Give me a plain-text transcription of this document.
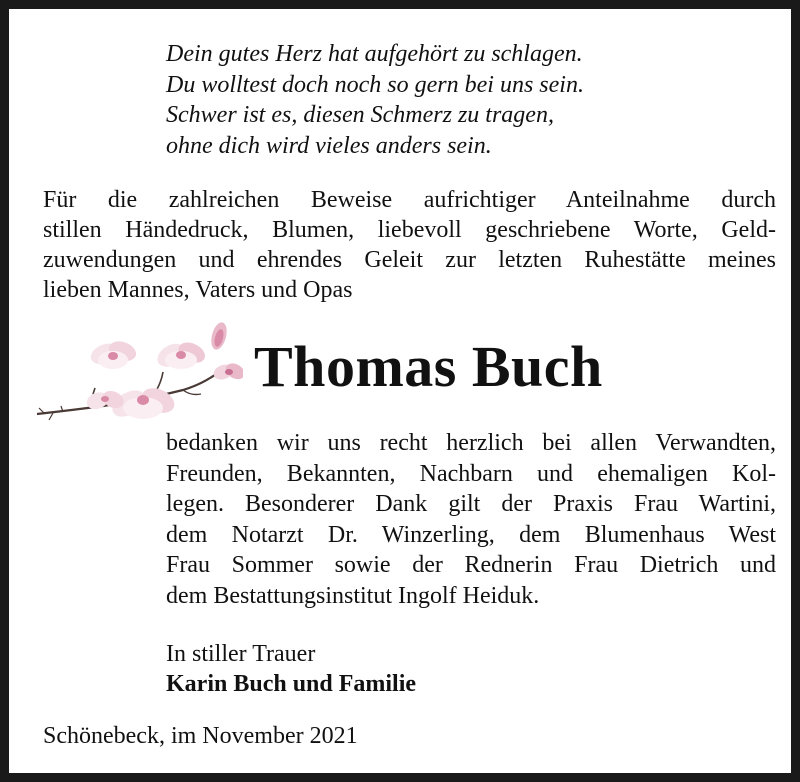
Dein gutes Herz hat aufgehört zu schlagen.
Du wolltest doch noch so gern bei uns sein.
Schwer ist es, diesen Schmerz zu tragen,
ohne dich wird vieles anders sein.
Für die zahlreichen Beweise aufrichtiger Anteilnahme durch
stillen Händedruck, Blumen, liebevoll geschriebene Worte, Geld-
zuwendungen und ehrendes Geleit zur letzten Ruhestätte meines
lieben Mannes, Vaters und Opas
Thomas Buch
bedanken wir uns recht herzlich bei allen Verwandten,
Freunden, Bekannten, Nachbarn und ehemaligen Kol-
legen. Besonderer Dank gilt der Praxis Frau Wartini,
dem Notarzt Dr. Winzerling, dem Blumenhaus West
Frau Sommer sowie der Rednerin Frau Dietrich und
dem Bestattungsinstitut Ingolf Heiduk.
In stiller Trauer
Karin Buch und Familie
Schönebeck, im November 2021
